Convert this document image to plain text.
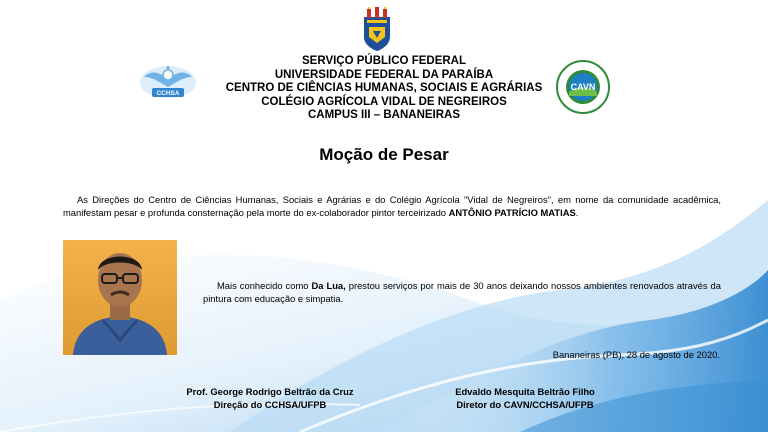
CCHSA
CAVN
SERVIÇO PÚBLICO FEDERAL
UNIVERSIDADE FEDERAL DA PARAÍBA
CENTRO DE CIÊNCIAS HUMANAS, SOCIAIS E AGRÁRIAS
COLÉGIO AGRÍCOLA VIDAL DE NEGREIROS
CAMPUS III – BANANEIRAS
Moção de Pesar
As Direções do Centro de Ciências Humanas, Sociais e Agrárias e do Colégio Agrícola "Vidal de Negreiros", em nome da comunidade acadêmica, manifestam pesar e profunda consternação pela morte do ex-colaborador pintor terceirizado ANTÔNIO PATRÍCIO MATIAS.
Mais conhecido como Da Lua, prestou serviços por mais de 30 anos deixando nossos ambientes renovados através da pintura com educação e simpatia.
Bananeiras (PB), 28 de agosto de 2020.
Prof. George Rodrigo Beltrão da Cruz
Direção do CCHSA/UFPB
Edvaldo Mesquita Beltrão Filho
Diretor do CAVN/CCHSA/UFPB
